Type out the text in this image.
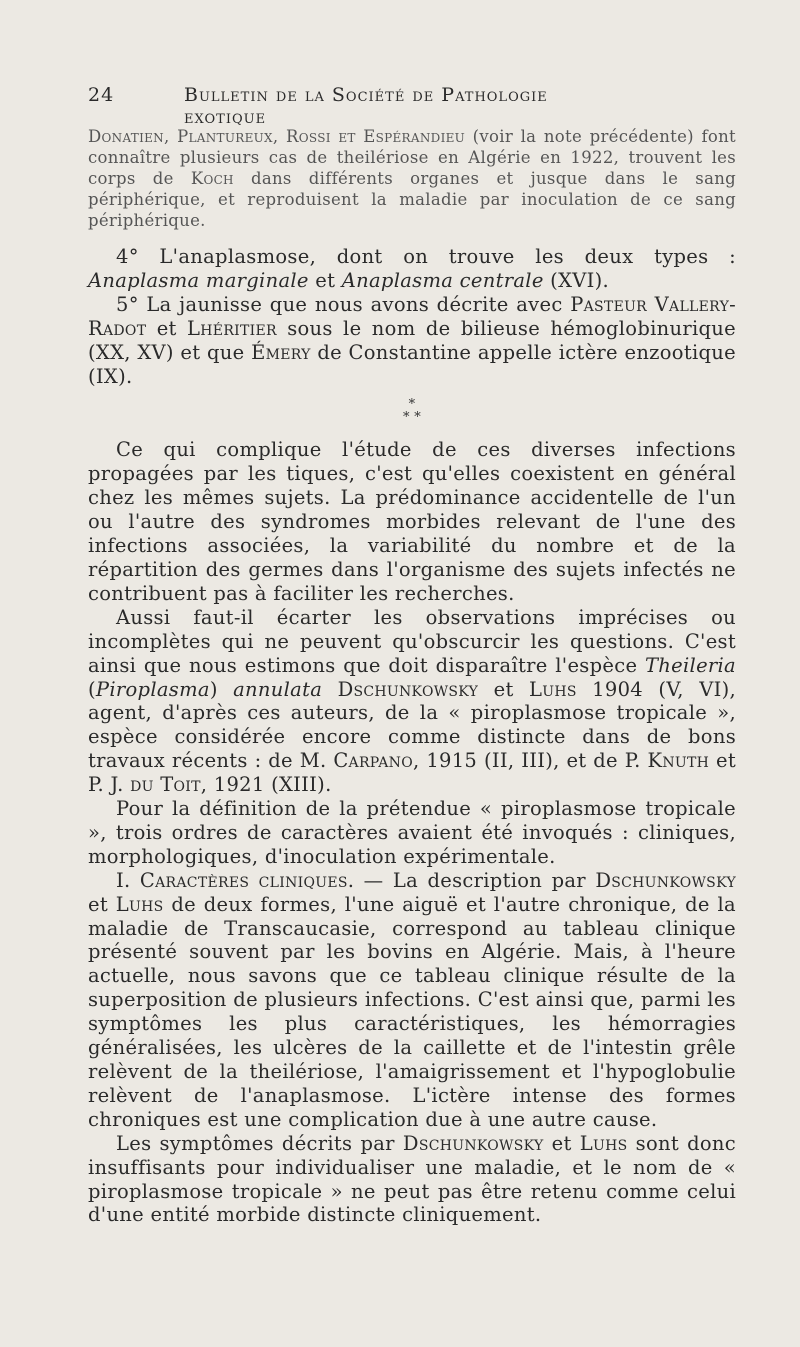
24	Bulletin de la Société de Pathologie exotique

Donatien, Plantureux, Rossi et Espérandieu (voir la note précédente) font connaître plusieurs cas de theilériose en Algérie en 1922, trouvent les corps de Koch dans différents organes et jusque dans le sang périphérique, et reproduisent la maladie par inoculation de ce sang périphérique.

4° L'anaplasmose, dont on trouve les deux types : Anaplasma marginale et Anaplasma centrale (XVI).

5° La jaunisse que nous avons décrite avec Pasteur Vallery-Radot et Lhéritier sous le nom de bilieuse hémoglobinurique (XX, XV) et que Émery de Constantine appelle ictère enzootique (IX).

*
* *

Ce qui complique l'étude de ces diverses infections propagées par les tiques, c'est qu'elles coexistent en général chez les mêmes sujets. La prédominance accidentelle de l'un ou l'autre des syndromes morbides relevant de l'une des infections associées, la variabilité du nombre et de la répartition des germes dans l'organisme des sujets infectés ne contribuent pas à faciliter les recherches.

Aussi faut-il écarter les observations imprécises ou incomplètes qui ne peuvent qu'obscurcir les questions. C'est ainsi que nous estimons que doit disparaître l'espèce Theileria (Piroplasma) annulata Dschunkowsky et Luhs 1904 (V, VI), agent, d'après ces auteurs, de la « piroplasmose tropicale », espèce considérée encore comme distincte dans de bons travaux récents : de M. Carpano, 1915 (II, III), et de P. Knuth et P. J. du Toit, 1921 (XIII).

Pour la définition de la prétendue « piroplasmose tropicale », trois ordres de caractères avaient été invoqués : cliniques, morphologiques, d'inoculation expérimentale.

I. Caractères cliniques. — La description par Dschunkowsky et Luhs de deux formes, l'une aiguë et l'autre chronique, de la maladie de Transcaucasie, correspond au tableau clinique présenté souvent par les bovins en Algérie. Mais, à l'heure actuelle, nous savons que ce tableau clinique résulte de la superposition de plusieurs infections. C'est ainsi que, parmi les symptômes les plus caractéristiques, les hémorragies généralisées, les ulcères de la caillette et de l'intestin grêle relèvent de la theilériose, l'amaigrissement et l'hypoglobulie relèvent de l'anaplasmose. L'ictère intense des formes chroniques est une complication due à une autre cause.

Les symptômes décrits par Dschunkowsky et Luhs sont donc insuffisants pour individualiser une maladie, et le nom de « piroplasmose tropicale » ne peut pas être retenu comme celui d'une entité morbide distincte cliniquement.
